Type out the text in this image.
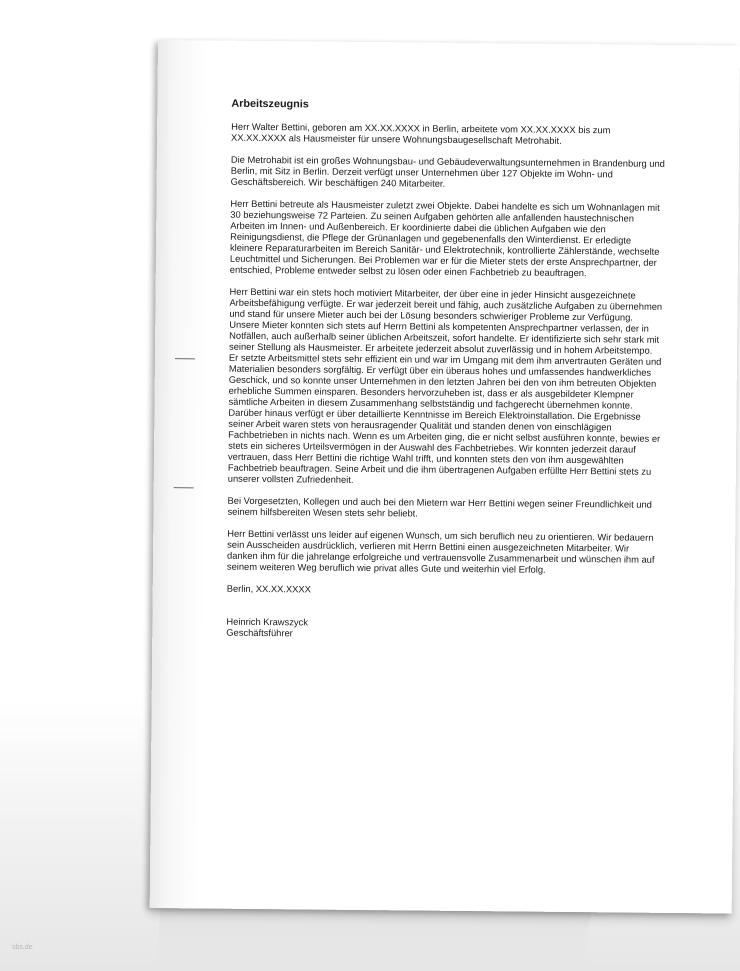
Arbeitszeugnis
Herr Walter Bettini, geboren am XX.XX.XXXX in Berlin, arbeitete vom XX.XX.XXXX bis zum
XX.XX.XXXX als Hausmeister für unsere Wohnungsbaugesellschaft Metrohabit.
Die Metrohabit ist ein großes Wohnungsbau- und Gebäudeverwaltungsunternehmen in Brandenburg und
Berlin, mit Sitz in Berlin. Derzeit verfügt unser Unternehmen über 127 Objekte im Wohn- und
Geschäftsbereich. Wir beschäftigen 240 Mitarbeiter.
Herr Bettini betreute als Hausmeister zuletzt zwei Objekte. Dabei handelte es sich um Wohnanlagen mit
30 beziehungsweise 72 Parteien. Zu seinen Aufgaben gehörten alle anfallenden haustechnischen
Arbeiten im Innen- und Außenbereich. Er koordinierte dabei die üblichen Aufgaben wie den
Reinigungsdienst, die Pflege der Grünanlagen und gegebenenfalls den Winterdienst. Er erledigte
kleinere Reparaturarbeiten im Bereich Sanitär- und Elektrotechnik, kontrollierte Zählerstände, wechselte
Leuchtmittel und Sicherungen. Bei Problemen war er für die Mieter stets der erste Ansprechpartner, der
entschied, Probleme entweder selbst zu lösen oder einen Fachbetrieb zu beauftragen.
Herr Bettini war ein stets hoch motiviert Mitarbeiter, der über eine in jeder Hinsicht ausgezeichnete
Arbeitsbefähigung verfügte. Er war jederzeit bereit und fähig, auch zusätzliche Aufgaben zu übernehmen
und stand für unsere Mieter auch bei der Lösung besonders schwieriger Probleme zur Verfügung.
Unsere Mieter konnten sich stets auf Herrn Bettini als kompetenten Ansprechpartner verlassen, der in
Notfällen, auch außerhalb seiner üblichen Arbeitszeit, sofort handelte. Er identifizierte sich sehr stark mit
seiner Stellung als Hausmeister. Er arbeitete jederzeit absolut zuverlässig und in hohem Arbeitstempo.
Er setzte Arbeitsmittel stets sehr effizient ein und war im Umgang mit dem ihm anvertrauten Geräten und
Materialien besonders sorgfältig. Er verfügt über ein überaus hohes und umfassendes handwerkliches
Geschick, und so konnte unser Unternehmen in den letzten Jahren bei den von ihm betreuten Objekten
erhebliche Summen einsparen. Besonders hervorzuheben ist, dass er als ausgebildeter Klempner
sämtliche Arbeiten in diesem Zusammenhang selbstständig und fachgerecht übernehmen konnte.
Darüber hinaus verfügt er über detaillierte Kenntnisse im Bereich Elektroinstallation. Die Ergebnisse
seiner Arbeit waren stets von herausragender Qualität und standen denen von einschlägigen
Fachbetrieben in nichts nach. Wenn es um Arbeiten ging, die er nicht selbst ausführen konnte, bewies er
stets ein sicheres Urteilsvermögen in der Auswahl des Fachbetriebes. Wir konnten jederzeit darauf
vertrauen, dass Herr Bettini die richtige Wahl trifft, und konnten stets den von ihm ausgewählten
Fachbetrieb beauftragen. Seine Arbeit und die ihm übertragenen Aufgaben erfüllte Herr Bettini stets zu
unserer vollsten Zufriedenheit.
Bei Vorgesetzten, Kollegen und auch bei den Mietern war Herr Bettini wegen seiner Freundlichkeit und
seinem hilfsbereiten Wesen stets sehr beliebt.
Herr Bettini verlässt uns leider auf eigenen Wunsch, um sich beruflich neu zu orientieren. Wir bedauern
sein Ausscheiden ausdrücklich, verlieren mit Herrn Bettini einen ausgezeichneten Mitarbeiter. Wir
danken ihm für die jahrelange erfolgreiche und vertrauensvolle Zusammenarbeit und wünschen ihm auf
seinem weiteren Weg beruflich wie privat alles Gute und weiterhin viel Erfolg.
Berlin, XX.XX.XXXX
Heinrich Krawszyck
Geschäftsführer
sbs.de
